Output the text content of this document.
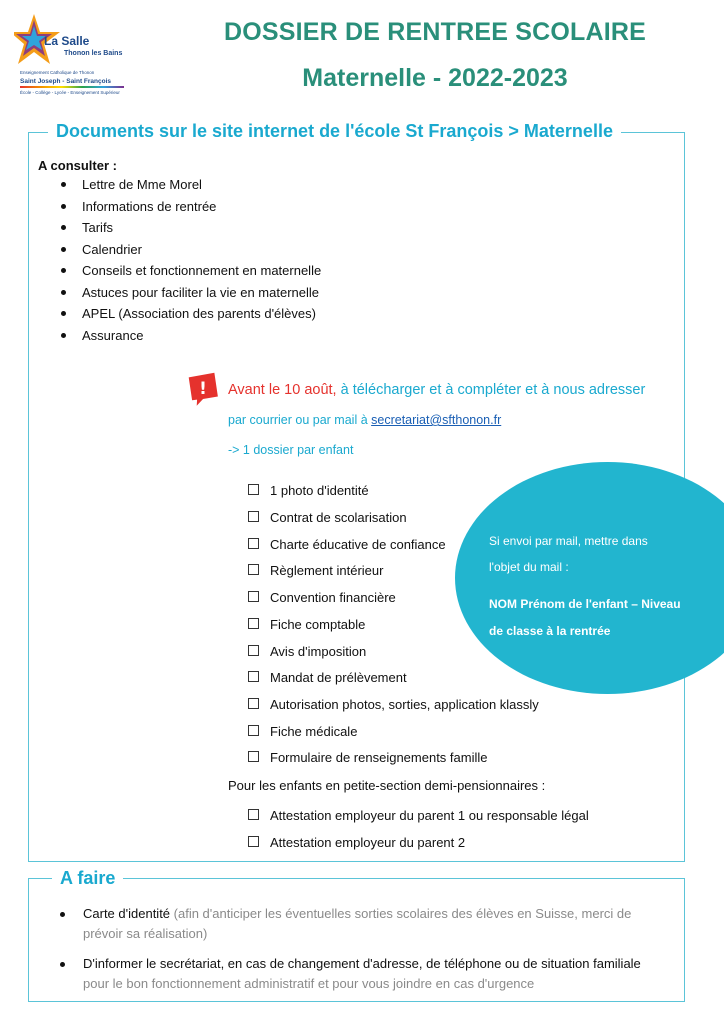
La Salle
Thonon les Bains
Enseignement Catholique de Thonon
Saint Joseph - Saint François
École - Collège - Lycée - Enseignement Supérieur
DOSSIER DE RENTREE SCOLAIRE
Maternelle - 2022-2023
Documents sur le site internet de l'école St François > Maternelle
A consulter :
Lettre de Mme Morel
Informations de rentrée
Tarifs
Calendrier
Conseils et fonctionnement en maternelle
Astuces pour faciliter la vie en maternelle
APEL (Association des parents d'élèves)
Assurance
! Avant le 10 août, à télécharger et à compléter et à nous adresser
par courrier ou par mail à secretariat@sfthonon.fr
-> 1 dossier par enfant
Si envoi par mail, mettre dans
l'objet du mail :
NOM Prénom de l'enfant – Niveau
de classe à la rentrée
1 photo d'identité
Contrat de scolarisation
Charte éducative de confiance
Règlement intérieur
Convention financière
Fiche comptable
Avis d'imposition
Mandat de prélèvement
Autorisation photos, sorties, application klassly
Fiche médicale
Formulaire de renseignements famille
Pour les enfants en petite-section demi-pensionnaires :
Attestation employeur du parent 1 ou responsable légal
Attestation employeur du parent 2
A faire
Carte d'identité (afin d'anticiper les éventuelles sorties scolaires des élèves en Suisse, merci de
prévoir sa réalisation)
D'informer le secrétariat, en cas de changement d'adresse, de téléphone ou de situation familiale
pour le bon fonctionnement administratif et pour vous joindre en cas d'urgence
